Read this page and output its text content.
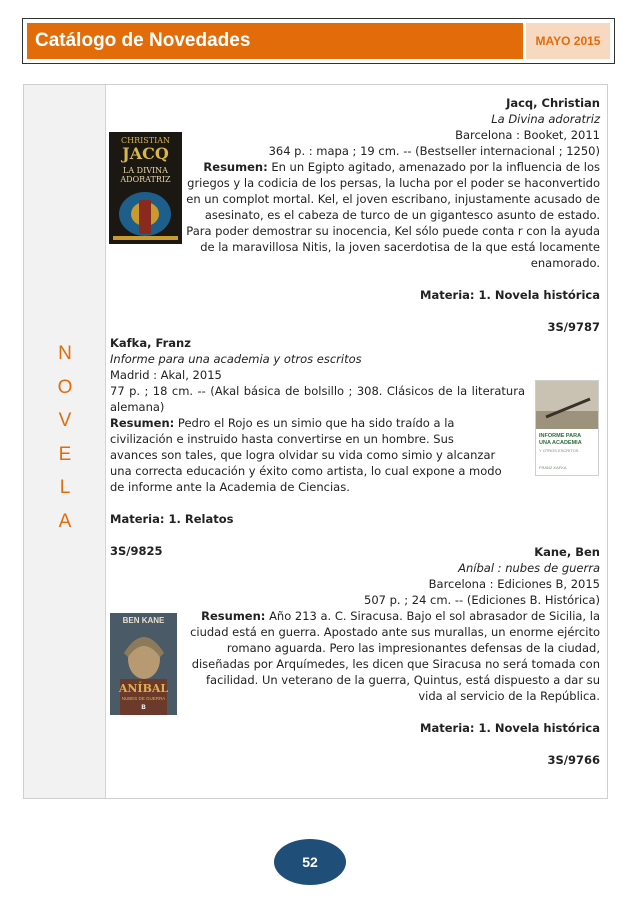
Catálogo de Novedades	MAYO 2015
N
O
V
E
L
A
CHRISTIAN
JACQ
LA DIVINA
ADORATRIZ

Jacq, Christian

La Divina adoratriz

Barcelona : Booket, 2011

364 p. : mapa ; 19 cm. -- (Bestseller internacional ; 1250)

Resumen: En un Egipto agitado, amenazado por la influencia de los griegos y la codicia de los persas, la lucha por el poder se haconvertido en un complot mortal. Kel, el joven escribano, injustamente acusado de asesinato, es el cabeza de turco de un gigantesco asunto de estado. Para poder demostrar su inocencia, Kel sólo puede conta r con la ayuda de la maravillosa Nitis, la joven sacerdotisa de la que está locamente enamorado.

Materia: 1. Novela histórica

3S/9787

Kafka, Franz

Informe para una academia y otros escritos

Madrid : Akal, 2015

77 p. ; 18 cm. -- (Akal básica de bolsillo ; 308. Clásicos de la literatura alemana)

Resumen: Pedro el Rojo es un simio que ha sido traído a la civilización e instruido hasta convertirse en un hombre. Sus avances son tales, que logra olvidar su vida como simio y alcanzar una correcta educación y éxito como artista, lo cual expone a modo de informe ante la Academia de Ciencias.

Materia: 1. Relatos

3S/9825

INFORME PARA
UNA ACADEMIA
Y OTROS ESCRITOS
FRANZ KAFKA
BEN KANE
ANÍBAL
NUBES DE GUERRA
B

Kane, Ben

Aníbal : nubes de guerra

Barcelona : Ediciones B, 2015

507 p. ; 24 cm. -- (Ediciones B. Histórica)

Resumen: Año 213 a. C. Siracusa. Bajo el sol abrasador de Sicilia, la ciudad está en guerra. Apostado ante sus murallas, un enorme ejército romano aguarda. Pero las impresionantes defensas de la ciudad, diseñadas por Arquímedes, les dicen que Siracusa no será tomada con facilidad. Un veterano de la guerra, Quintus, está dispuesto a dar su vida al servicio de la República.

Materia: 1. Novela histórica

3S/9766

52
